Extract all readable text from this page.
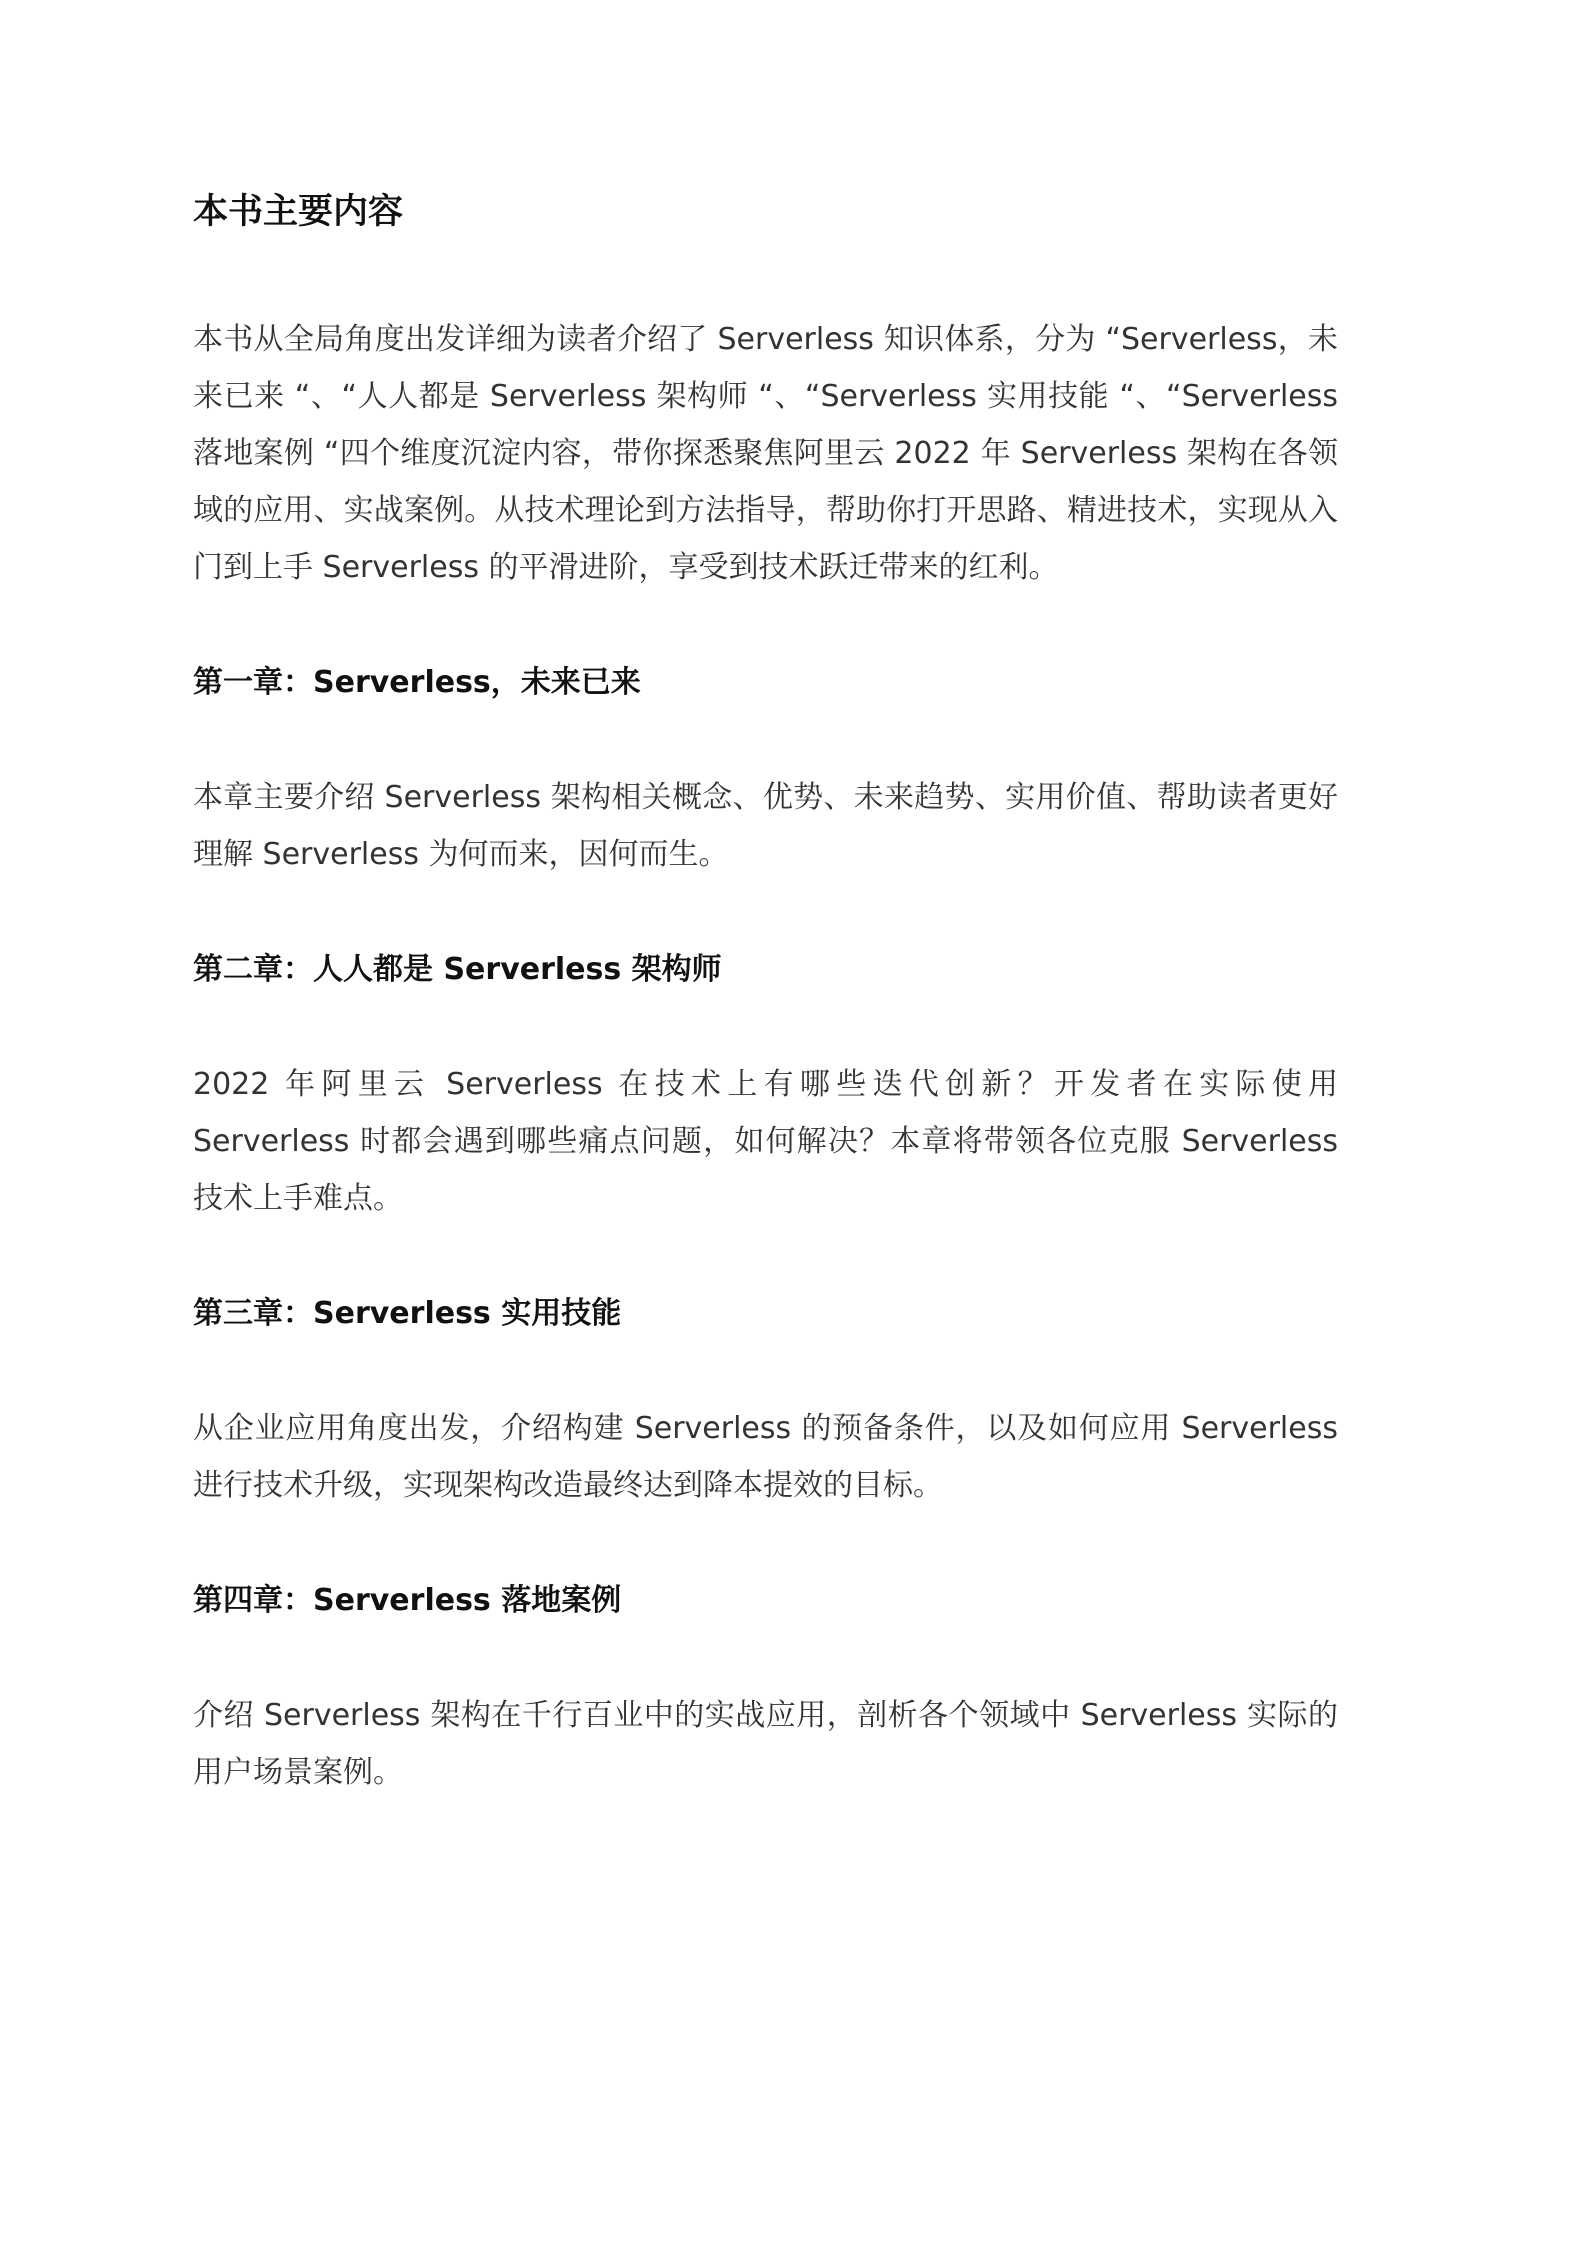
本书主要内容

本书从全局角度出发详细为读者介绍了 Serverless 知识体系，分为 “Serverless，未来已来 “、“人人都是 Serverless 架构师 “、“Serverless 实用技能 “、“Serverless 落地案例 “四个维度沉淀内容，带你探悉聚焦阿里云 2022 年 Serverless 架构在各领域的应用、实战案例。从技术理论到方法指导，帮助你打开思路、精进技术，实现从入门到上手 Serverless 的平滑进阶，享受到技术跃迁带来的红利。

第一章：Serverless，未来已来

本章主要介绍 Serverless 架构相关概念、优势、未来趋势、实用价值、帮助读者更好理解 Serverless 为何而来，因何而生。

第二章：人人都是 Serverless 架构师

2022 年阿里云 Serverless 在技术上有哪些迭代创新？开发者在实际使用 Serverless 时都会遇到哪些痛点问题，如何解决？本章将带领各位克服 Serverless 技术上手难点。

第三章：Serverless 实用技能

从企业应用角度出发，介绍构建 Serverless 的预备条件，以及如何应用 Serverless 进行技术升级，实现架构改造最终达到降本提效的目标。

第四章：Serverless 落地案例

介绍 Serverless 架构在千行百业中的实战应用，剖析各个领域中 Serverless 实际的用户场景案例。
